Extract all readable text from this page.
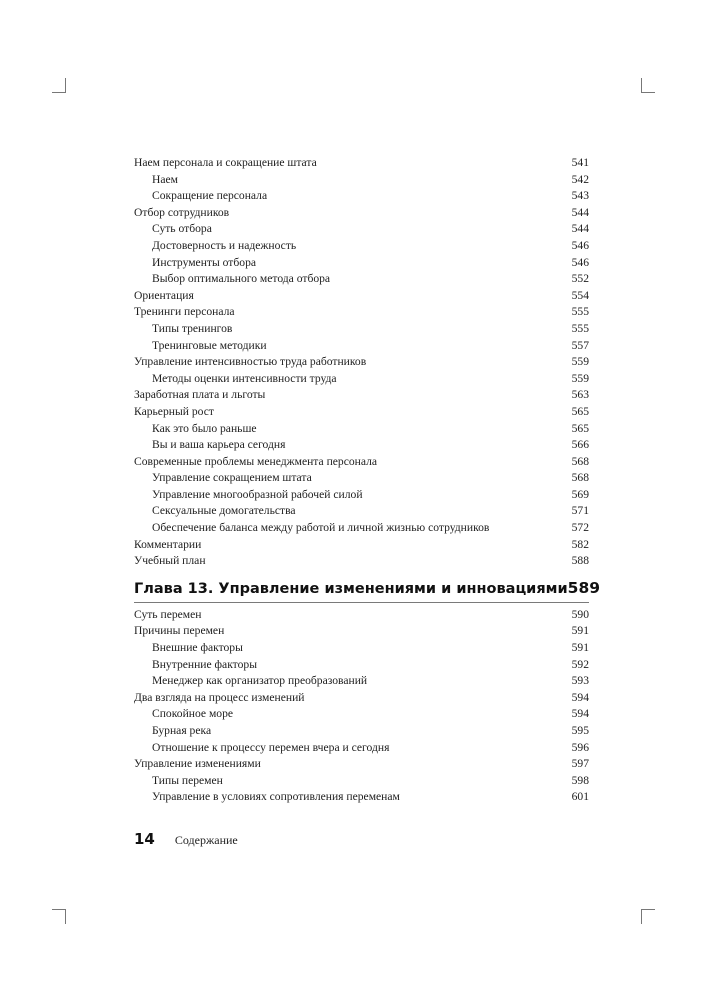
Наем персонала и сокращение штата	541
Наем	542
Сокращение персонала	543
Отбор сотрудников	544
Суть отбора	544
Достоверность и надежность	546
Инструменты отбора	546
Выбор оптимального метода отбора	552
Ориентация	554
Тренинги персонала	555
Типы тренингов	555
Тренинговые методики	557
Управление интенсивностью труда работников	559
Методы оценки интенсивности труда	559
Заработная плата и льготы	563
Карьерный рост	565
Как это было раньше	565
Вы и ваша карьера сегодня	566
Современные проблемы менеджмента персонала	568
Управление сокращением штата	568
Управление многообразной рабочей силой	569
Сексуальные домогательства	571
Обеспечение баланса между работой и личной жизнью сотрудников	572
Комментарии	582
Учебный план	588
Глава 13. Управление изменениями и инновациями 589
Суть перемен	590
Причины перемен	591
Внешние факторы	591
Внутренние факторы	592
Менеджер как организатор преобразований	593
Два взгляда на процесс изменений	594
Спокойное море	594
Бурная река	595
Отношение к процессу перемен вчера и сегодня	596
Управление изменениями	597
Типы перемен	598
Управление в условиях сопротивления переменам	601
14 Содержание
